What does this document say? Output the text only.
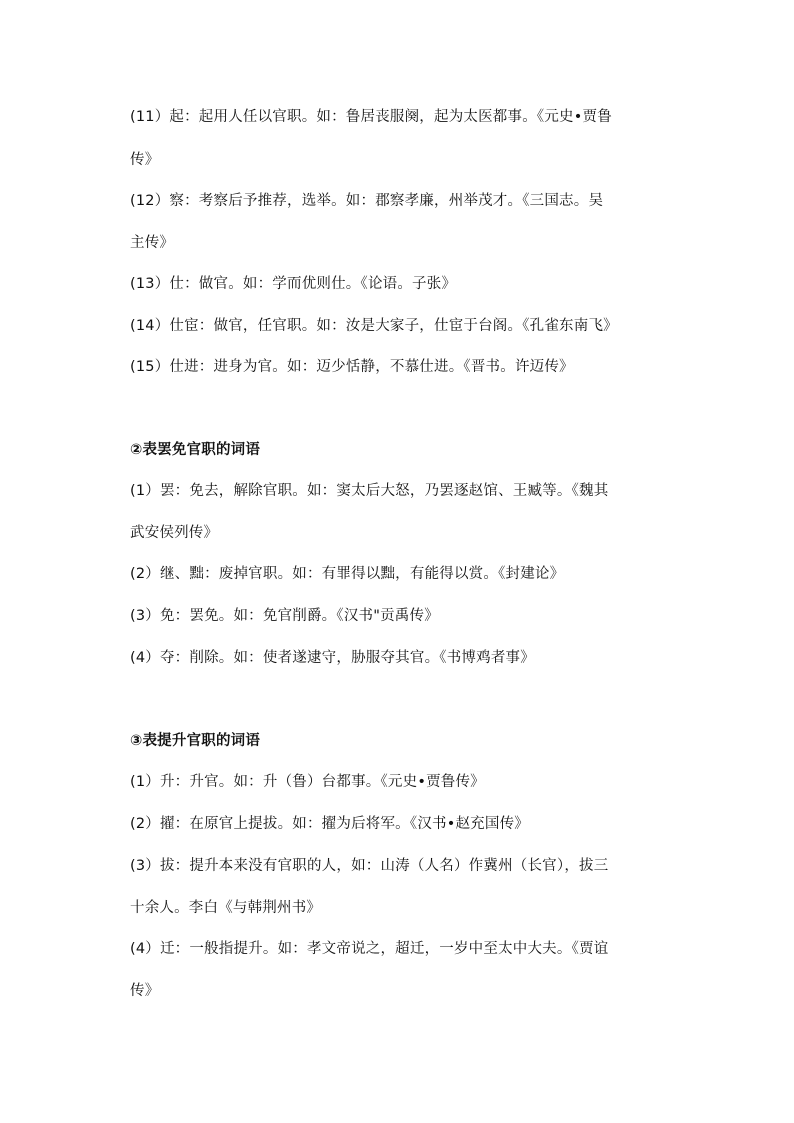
(11）起：起用人任以官职。如：鲁居丧服阕，起为太医都事。《元史•贾鲁
传》
(12）察：考察后予推荐，选举。如：郡察孝廉，州举茂才。《三国志。吴
主传》
(13）仕：做官。如：学而优则仕。《论语。子张》
(14）仕宦：做官，任官职。如：汝是大家子，仕宦于台阁。《孔雀东南飞》
(15）仕进：进身为官。如：迈少恬静，不慕仕进。《晋书。许迈传》
②表罢免官职的词语
(1）罢：免去，解除官职。如：窦太后大怒，乃罢逐赵馆、王臧等。《魏其
武安侯列传》
(2）继、黜：废掉官职。如：有罪得以黜，有能得以赏。《封建论》
(3）免：罢免。如：免官削爵。《汉书"贡禹传》
(4）夺：削除。如：使者遂逮守，胁服夺其官。《书博鸡者事》
③表提升官职的词语
(1）升：升官。如：升（鲁）台都事。《元史•贾鲁传》
(2）擢：在原官上提拔。如：擢为后将军。《汉书•赵充国传》
(3）拔：提升本来没有官职的人，如：山涛（人名）作冀州（长官），拔三
十余人。李白《与韩荆州书》
(4）迁：一般指提升。如：孝文帝说之，超迁，一岁中至太中大夫。《贾谊
传》
